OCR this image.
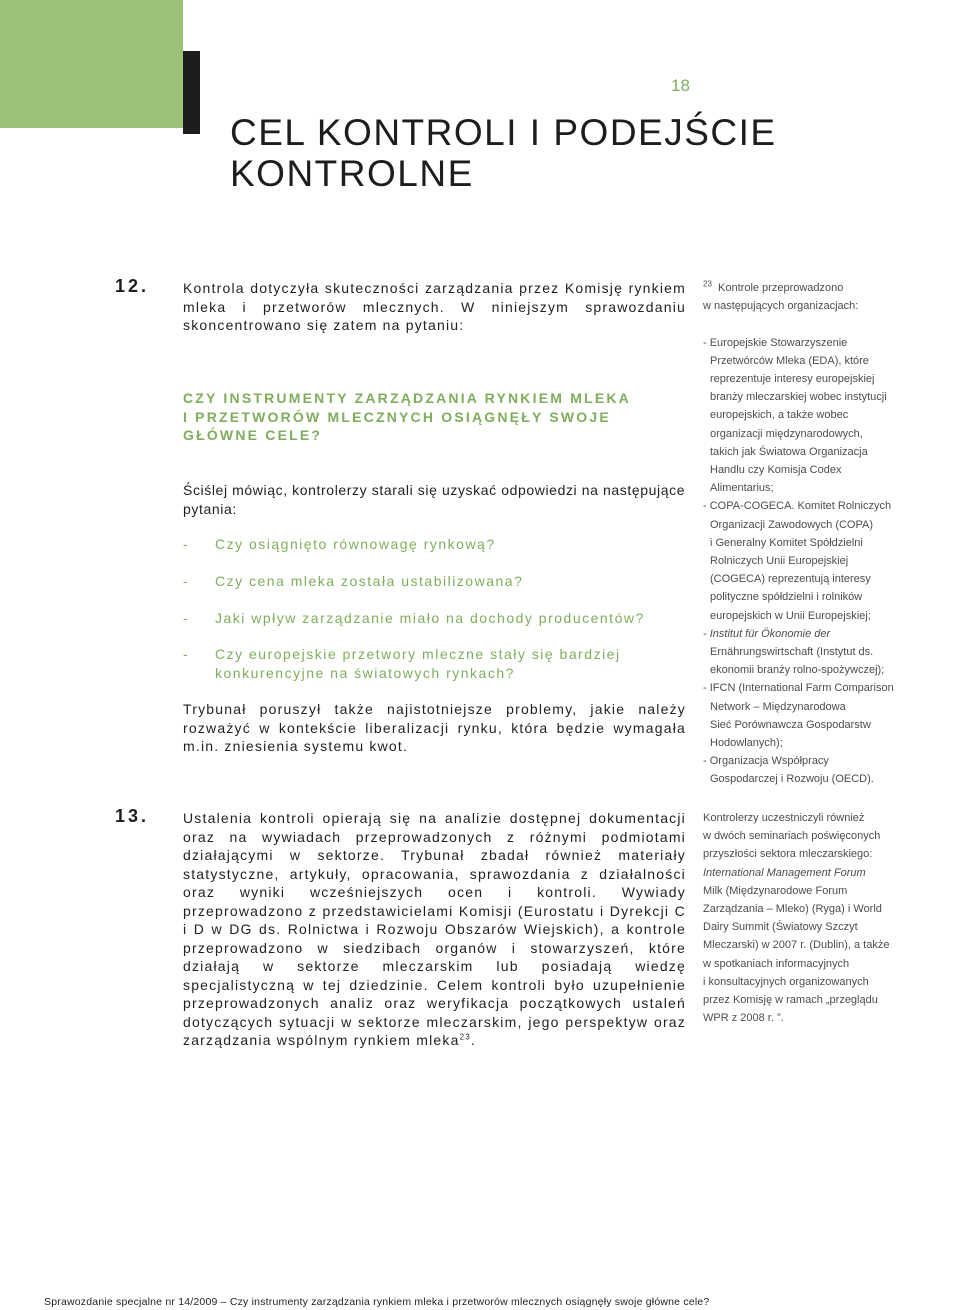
18
CEL KONTROLI I PODEJŚCIE
KONTROLNE
12. Kontrola dotyczyła skuteczności zarządzania przez Komisję rynkiem mleka i przetworów mlecznych. W niniejszym sprawozdaniu skoncentrowano się zatem na pytaniu:

CZY INSTRUMENTY ZARZĄDZANIA RYNKIEM MLEKA
I PRZETWORÓW MLECZNYCH OSIĄGNĘŁY SWOJE
GŁÓWNE CELE?

Ściślej mówiąc, kontrolerzy starali się uzyskać odpowiedzi na następujące pytania:

- Czy osiągnięto równowagę rynkową?
- Czy cena mleka została ustabilizowana?
- Jaki wpływ zarządzanie miało na dochody producentów?
- Czy europejskie przetwory mleczne stały się bardziej konkurencyjne na światowych rynkach?

Trybunał poruszył także najistotniejsze problemy, jakie należy rozważyć w kontekście liberalizacji rynku, która będzie wymagała m.in. zniesienia systemu kwot.

13. Ustalenia kontroli opierają się na analizie dostępnej dokumentacji oraz na wywiadach przeprowadzonych z różnymi podmiotami działającymi w sektorze. Trybunał zbadał również materiały statystyczne, artykuły, opracowania, sprawozdania z działalności oraz wyniki wcześniejszych ocen i kontroli. Wywiady przeprowadzono z przedstawicielami Komisji (Eurostatu i Dyrekcji C i D w DG ds. Rolnictwa i Rozwoju Obszarów Wiejskich), a kontrole przeprowadzono w siedzibach organów i stowarzyszeń, które działają w sektorze mleczarskim lub posiadają wiedzę specjalistyczną w tej dziedzinie. Celem kontroli było uzupełnienie przeprowadzonych analiz oraz weryfikacja początkowych ustaleń dotyczących sytuacji w sektorze mleczarskim, jego perspektyw oraz zarządzania wspólnym rynkiem mleka$^{23}$.

$^{23}$ Kontrole przeprowadzono
w następujących organizacjach:

- Europejskie Stowarzyszenie
Przetwórców Mleka (EDA), które
reprezentuje interesy europejskiej
branży mleczarskiej wobec instytucji
europejskich, a także wobec
organizacji międzynarodowych,
takich jak Światowa Organizacja
Handlu czy Komisja Codex
Alimentarius;
- COPA-COGECA. Komitet Rolniczych
Organizacji Zawodowych (COPA)
i Generalny Komitet Spółdzielni
Rolniczych Unii Europejskiej
(COGECA) reprezentują interesy
polityczne spółdzielni i rolników
europejskich w Unii Europejskiej;
- Institut für Ökonomie der
Ernährungswirtschaft (Instytut ds.
ekonomii branży rolno-spożywczej);
- IFCN (International Farm Comparison
Network – Międzynarodowa
Sieć Porównawcza Gospodarstw
Hodowlanych);
- Organizacja Współpracy
Gospodarczej i Rozwoju (OECD).
Kontrolerzy uczestniczyli również
w dwóch seminariach poświęconych
przyszłości sektora mleczarskiego:
International Management Forum
Milk (Międzynarodowe Forum
Zarządzania – Mleko) (Ryga) i World
Dairy Summit (Światowy Szczyt
Mleczarski) w 2007 r. (Dublin), a także
w spotkaniach informacyjnych
i konsultacyjnych organizowanych
przez Komisję w ramach „przeglądu
WPR z 2008 r. ”.
Sprawozdanie specjalne nr 14/2009 – Czy instrumenty zarządzania rynkiem mleka i przetworów mlecznych osiągnęły swoje główne cele?
